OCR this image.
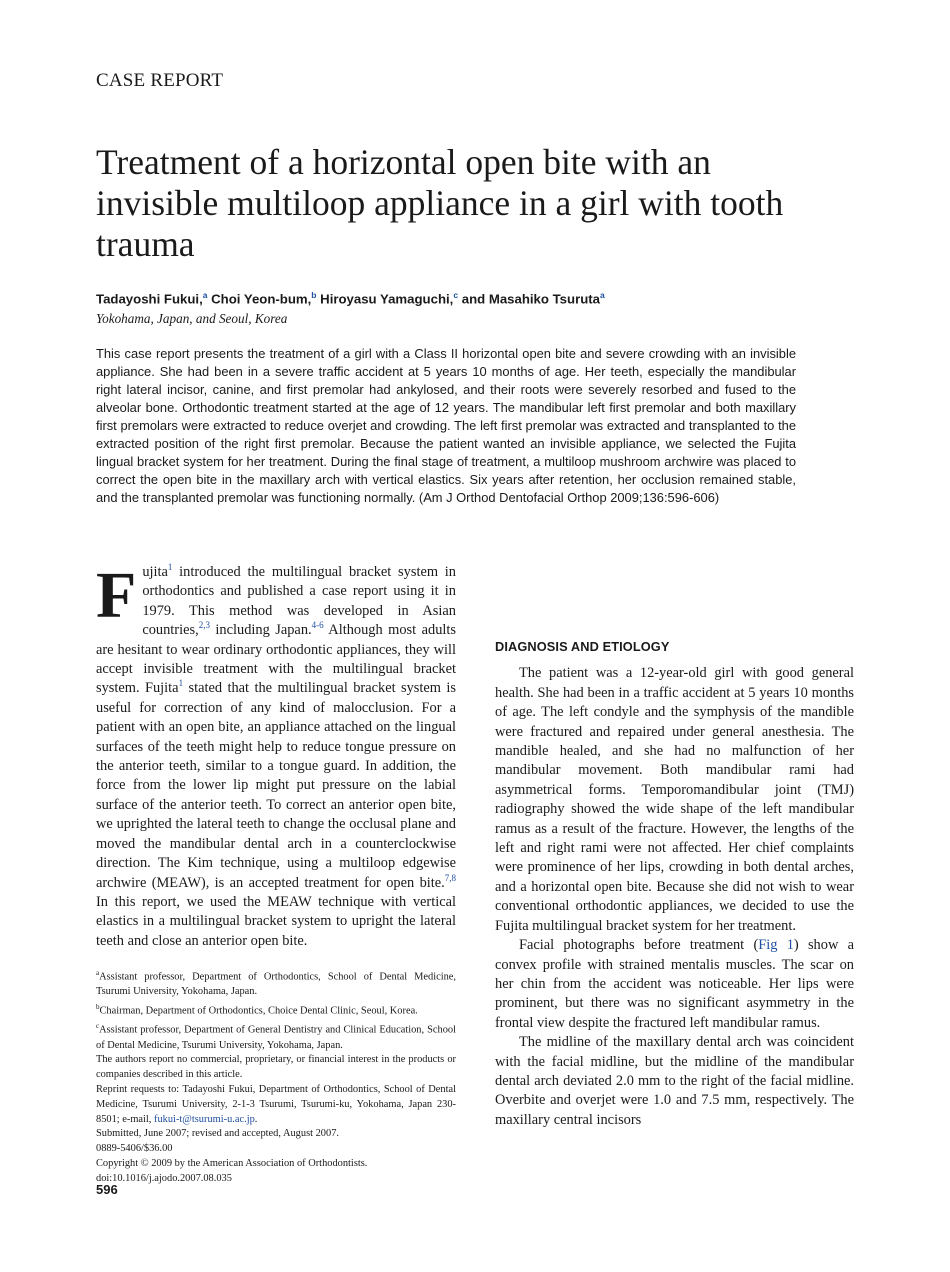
CASE REPORT
Treatment of a horizontal open bite with an invisible multiloop appliance in a girl with tooth trauma
Tadayoshi Fukui,$^a$ Choi Yeon-bum,$^b$ Hiroyasu Yamaguchi,$^c$ and Masahiko Tsuruta$^a$
Yokohama, Japan, and Seoul, Korea

This case report presents the treatment of a girl with a Class II horizontal open bite and severe crowding with an invisible appliance. She had been in a severe traffic accident at 5 years 10 months of age. Her teeth, especially the mandibular right lateral incisor, canine, and first premolar had ankylosed, and their roots were severely resorbed and fused to the alveolar bone. Orthodontic treatment started at the age of 12 years. The mandibular left first premolar and both maxillary first premolars were extracted to reduce overjet and crowding. The left first premolar was extracted and transplanted to the extracted position of the right first premolar. Because the patient wanted an invisible appliance, we selected the Fujita lingual bracket system for her treatment. During the final stage of treatment, a multiloop mushroom archwire was placed to correct the open bite in the maxillary arch with vertical elastics. Six years after retention, her occlusion remained stable, and the transplanted premolar was functioning normally. (Am J Orthod Dentofacial Orthop 2009;136:596-606)

Fujita$^1$ introduced the multilingual bracket system in orthodontics and published a case report using it in 1979. This method was developed in Asian countries,$^{2,3}$ including Japan.$^{4-6}$ Although most adults are hesitant to wear ordinary orthodontic appliances, they will accept invisible treatment with the multilingual bracket system. Fujita$^1$ stated that the multilingual bracket system is useful for correction of any kind of malocclusion. For a patient with an open bite, an appliance attached on the lingual surfaces of the teeth might help to reduce tongue pressure on the anterior teeth, similar to a tongue guard. In addition, the force from the lower lip might put pressure on the labial surface of the anterior teeth. To correct an anterior open bite, we uprighted the lateral teeth to change the occlusal plane and moved the mandibular dental arch in a counterclockwise direction. The Kim technique, using a multiloop edgewise archwire (MEAW), is an accepted treatment for open bite.$^{7,8}$ In this report, we used the MEAW technique with vertical elastics in a multilingual bracket system to upright the lateral teeth and close an anterior open bite.

DIAGNOSIS AND ETIOLOGY

The patient was a 12-year-old girl with good general health. She had been in a traffic accident at 5 years 10 months of age. The left condyle and the symphysis of the mandible were fractured and repaired under general anesthesia. The mandible healed, and she had no malfunction of her mandibular movement. Both mandibular rami had asymmetrical forms. Temporomandibular joint (TMJ) radiography showed the wide shape of the left mandibular ramus as a result of the fracture. However, the lengths of the left and right rami were not affected. Her chief complaints were prominence of her lips, crowding in both dental arches, and a horizontal open bite. Because she did not wish to wear conventional orthodontic appliances, we decided to use the Fujita multilingual bracket system for her treatment.

Facial photographs before treatment (Fig 1) show a convex profile with strained mentalis muscles. The scar on her chin from the accident was noticeable. Her lips were prominent, but there was no significant asymmetry in the frontal view despite the fractured left mandibular ramus.

The midline of the maxillary dental arch was coincident with the facial midline, but the midline of the mandibular dental arch deviated 2.0 mm to the right of the facial midline. Overbite and overjet were 1.0 and 7.5 mm, respectively. The maxillary central incisors

$^a$Assistant professor, Department of Orthodontics, School of Dental Medicine, Tsurumi University, Yokohama, Japan.

$^b$Chairman, Department of Orthodontics, Choice Dental Clinic, Seoul, Korea.

$^c$Assistant professor, Department of General Dentistry and Clinical Education, School of Dental Medicine, Tsurumi University, Yokohama, Japan.

The authors report no commercial, proprietary, or financial interest in the products or companies described in this article.

Reprint requests to: Tadayoshi Fukui, Department of Orthodontics, School of Dental Medicine, Tsurumi University, 2-1-3 Tsurumi, Tsurumi-ku, Yokohama, Japan 230-8501; e-mail, fukui-t@tsurumi-u.ac.jp.

Submitted, June 2007; revised and accepted, August 2007.

0889-5406/$36.00

Copyright © 2009 by the American Association of Orthodontists.

doi:10.1016/j.ajodo.2007.08.035

596
